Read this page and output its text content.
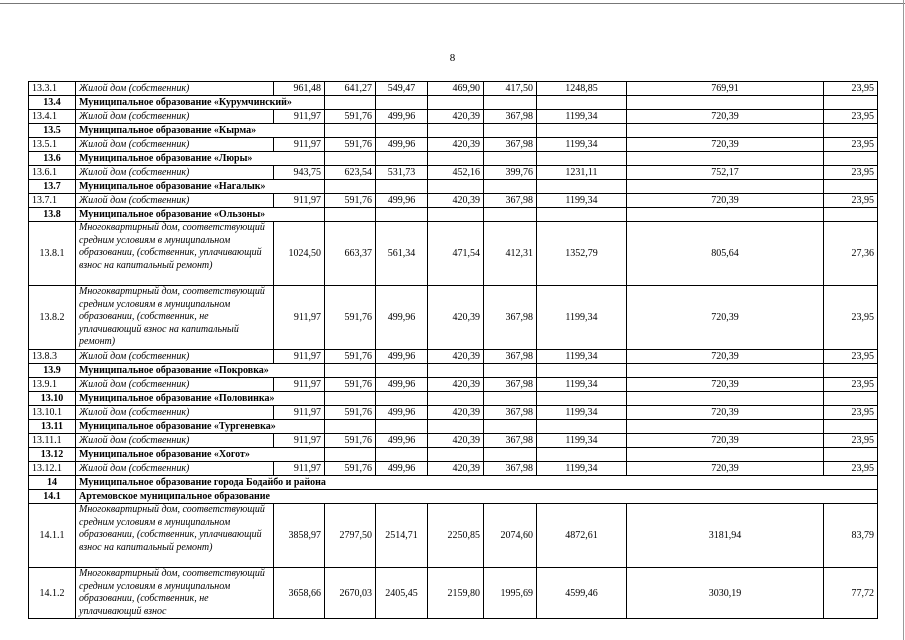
8
13.3.1	Жилой дом (собственник)	961,48	641,27	549,47	469,90	417,50	1248,85	769,91	23,95
13.4	Муниципальное образование «Курумчинский»								
13.4.1	Жилой дом (собственник)	911,97	591,76	499,96	420,39	367,98	1199,34	720,39	23,95
13.5	Муниципальное образование «Кырма»								
13.5.1	Жилой дом (собственник)	911,97	591,76	499,96	420,39	367,98	1199,34	720,39	23,95
13.6	Муниципальное образование «Люры»								
13.6.1	Жилой дом (собственник)	943,75	623,54	531,73	452,16	399,76	1231,11	752,17	23,95
13.7	Муниципальное образование «Нагалык»								
13.7.1	Жилой дом (собственник)	911,97	591,76	499,96	420,39	367,98	1199,34	720,39	23,95
13.8	Муниципальное образование «Ользоны»								
13.8.1	Многоквартирный дом, соответствующий средним условиям в муниципальном образовании, (собственник, уплачивающий взнос на капитальный ремонт)	1024,50	663,37	561,34	471,54	412,31	1352,79	805,64	27,36
13.8.2	Многоквартирный дом, соответствующий средним условиям в муниципальном образовании, (собственник, не уплачивающий взнос на капитальный ремонт)	911,97	591,76	499,96	420,39	367,98	1199,34	720,39	23,95
13.8.3	Жилой дом (собственник)	911,97	591,76	499,96	420,39	367,98	1199,34	720,39	23,95
13.9	Муниципальное образование «Покровка»								
13.9.1	Жилой дом (собственник)	911,97	591,76	499,96	420,39	367,98	1199,34	720,39	23,95
13.10	Муниципальное образование «Половинка»								
13.10.1	Жилой дом (собственник)	911,97	591,76	499,96	420,39	367,98	1199,34	720,39	23,95
13.11	Муниципальное образование «Тургеневка»								
13.11.1	Жилой дом (собственник)	911,97	591,76	499,96	420,39	367,98	1199,34	720,39	23,95
13.12	Муниципальное образование «Хогот»								
13.12.1	Жилой дом (собственник)	911,97	591,76	499,96	420,39	367,98	1199,34	720,39	23,95
14	Муниципальное образование города Бодайбо и района								
14.1	Артемовское муниципальное образование								
14.1.1	Многоквартирный дом, соответствующий средним условиям в муниципальном образовании, (собственник, уплачивающий взнос на капитальный ремонт)	3858,97	2797,50	2514,71	2250,85	2074,60	4872,61	3181,94	83,79
14.1.2	Многоквартирный дом, соответствующий средним условиям в муниципальном образовании, (собственник, не уплачивающий взнос	3658,66	2670,03	2405,45	2159,80	1995,69	4599,46	3030,19	77,72
